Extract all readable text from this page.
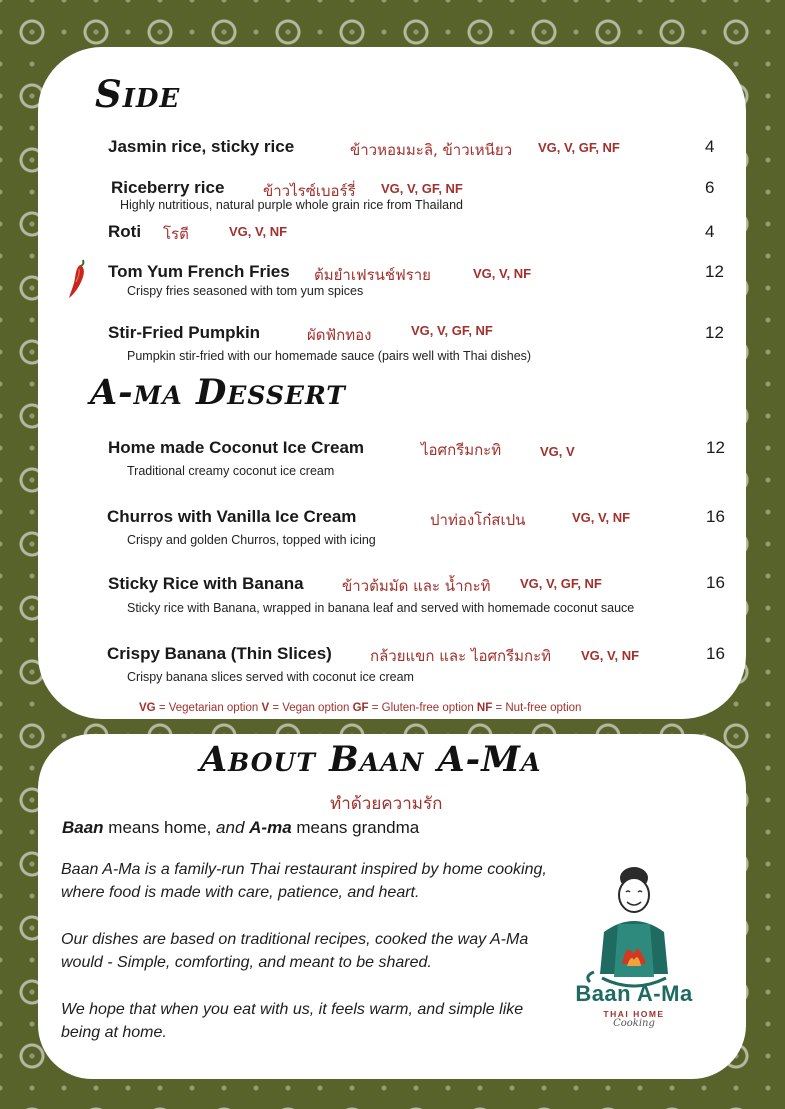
Side
Jasmin rice, sticky rice	ข้าวหอมมะลิ, ข้าวเหนียว VG, V, GF, NF	4
Riceberry rice	ข้าวไรซ์เบอร์รี่ VG, V, GF, NF	6
Highly nutritious, natural purple whole grain rice from Thailand
Roti โรตี	VG, V, NF	4
Tom Yum French Fries ต้มยำเฟรนช์ฟราย	VG, V, NF	12
Crispy fries seasoned with tom yum spices
Stir-Fried Pumpkin	ผัดฟักทอง	VG, V, GF, NF	12
Pumpkin stir-fried with our homemade sauce (pairs well with Thai dishes)
A-ma Dessert
Home made Coconut Ice Cream	ไอศกรีมกะทิ	VG, V	12
Traditional creamy coconut ice cream
Churros with Vanilla Ice Cream	ปาท่องโก๋สเปน	VG, V, NF	16
Crispy and golden Churros, topped with icing
Sticky Rice with Banana	ข้าวต้มมัด และ น้ำกะทิ VG, V, GF, NF	16
Sticky rice with Banana, wrapped in banana leaf and served with homemade coconut sauce
Crispy Banana (Thin Slices)	กล้วยแขก และ ไอศกรีมกะทิ VG, V, NF	16
Crispy banana slices served with coconut ice cream
VG = Vegetarian option V = Vegan option GF = Gluten-free option NF = Nut-free option
About Baan A-Ma
ทำด้วยความรัก
Baan means home, and A-ma means grandma

Baan A-Ma is a family-run Thai restaurant inspired by home cooking, where food is made with care, patience, and heart.

Our dishes are based on traditional recipes, cooked the way A-Ma would - Simple, comforting, and meant to be shared.

We hope that when you eat with us, it feels warm, and simple like being at home.

Baan A-Ma
THAI HOME
Cooking
